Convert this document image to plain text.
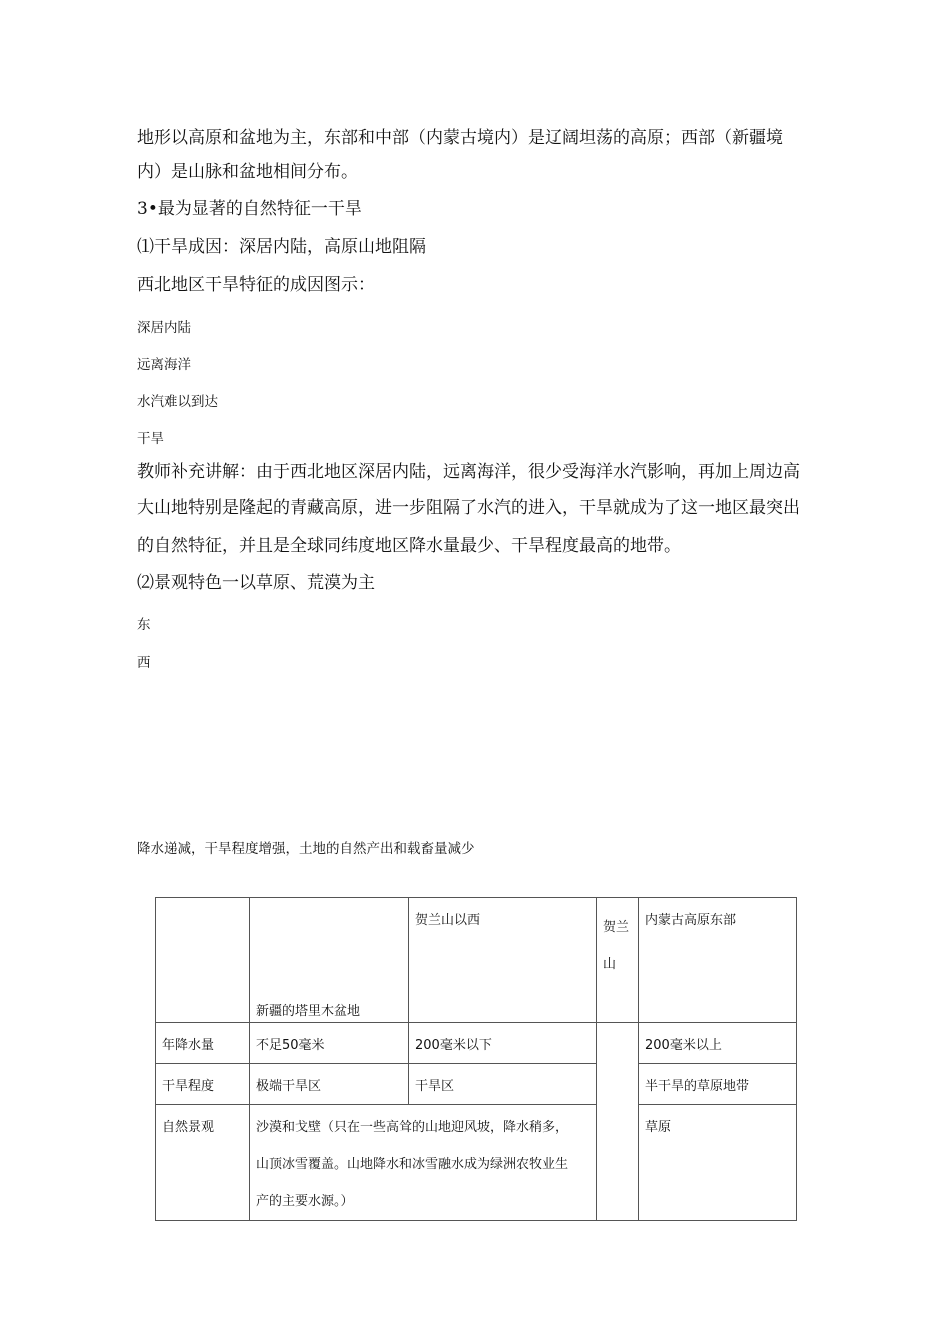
地形以高原和盆地为主，东部和中部（内蒙古境内）是辽阔坦荡的高原；西部（新疆境
内）是山脉和盆地相间分布。
3•最为显著的自然特征一干旱
⑴干旱成因：深居内陆，高原山地阻隔
西北地区干旱特征的成因图示：
深居内陆
远离海洋
水汽难以到达
干旱
教师补充讲解：由于西北地区深居内陆，远离海洋，很少受海洋水汽影响，再加上周边高
大山地特别是隆起的青藏高原，进一步阻隔了水汽的进入，干旱就成为了这一地区最突出
的自然特征，并且是全球同纬度地区降水量最少、干旱程度最高的地带。
⑵景观特色一以草原、荒漠为主
东
西
降水递减，干旱程度增强，土地的自然产出和载畜量减少
	新疆的塔里木盆地	贺兰山以西	贺兰
山	内蒙古高原东部
年降水量	不足50毫米	200毫米以下		200毫米以上
干旱程度	极端干旱区	干旱区		半干旱的草原地带
自然景观	沙漠和戈壁（只在一些高耸的山地迎风坡，降水稍多，
山顶冰雪覆盖。山地降水和冰雪融水成为绿洲农牧业生
产的主要水源。）			草原
